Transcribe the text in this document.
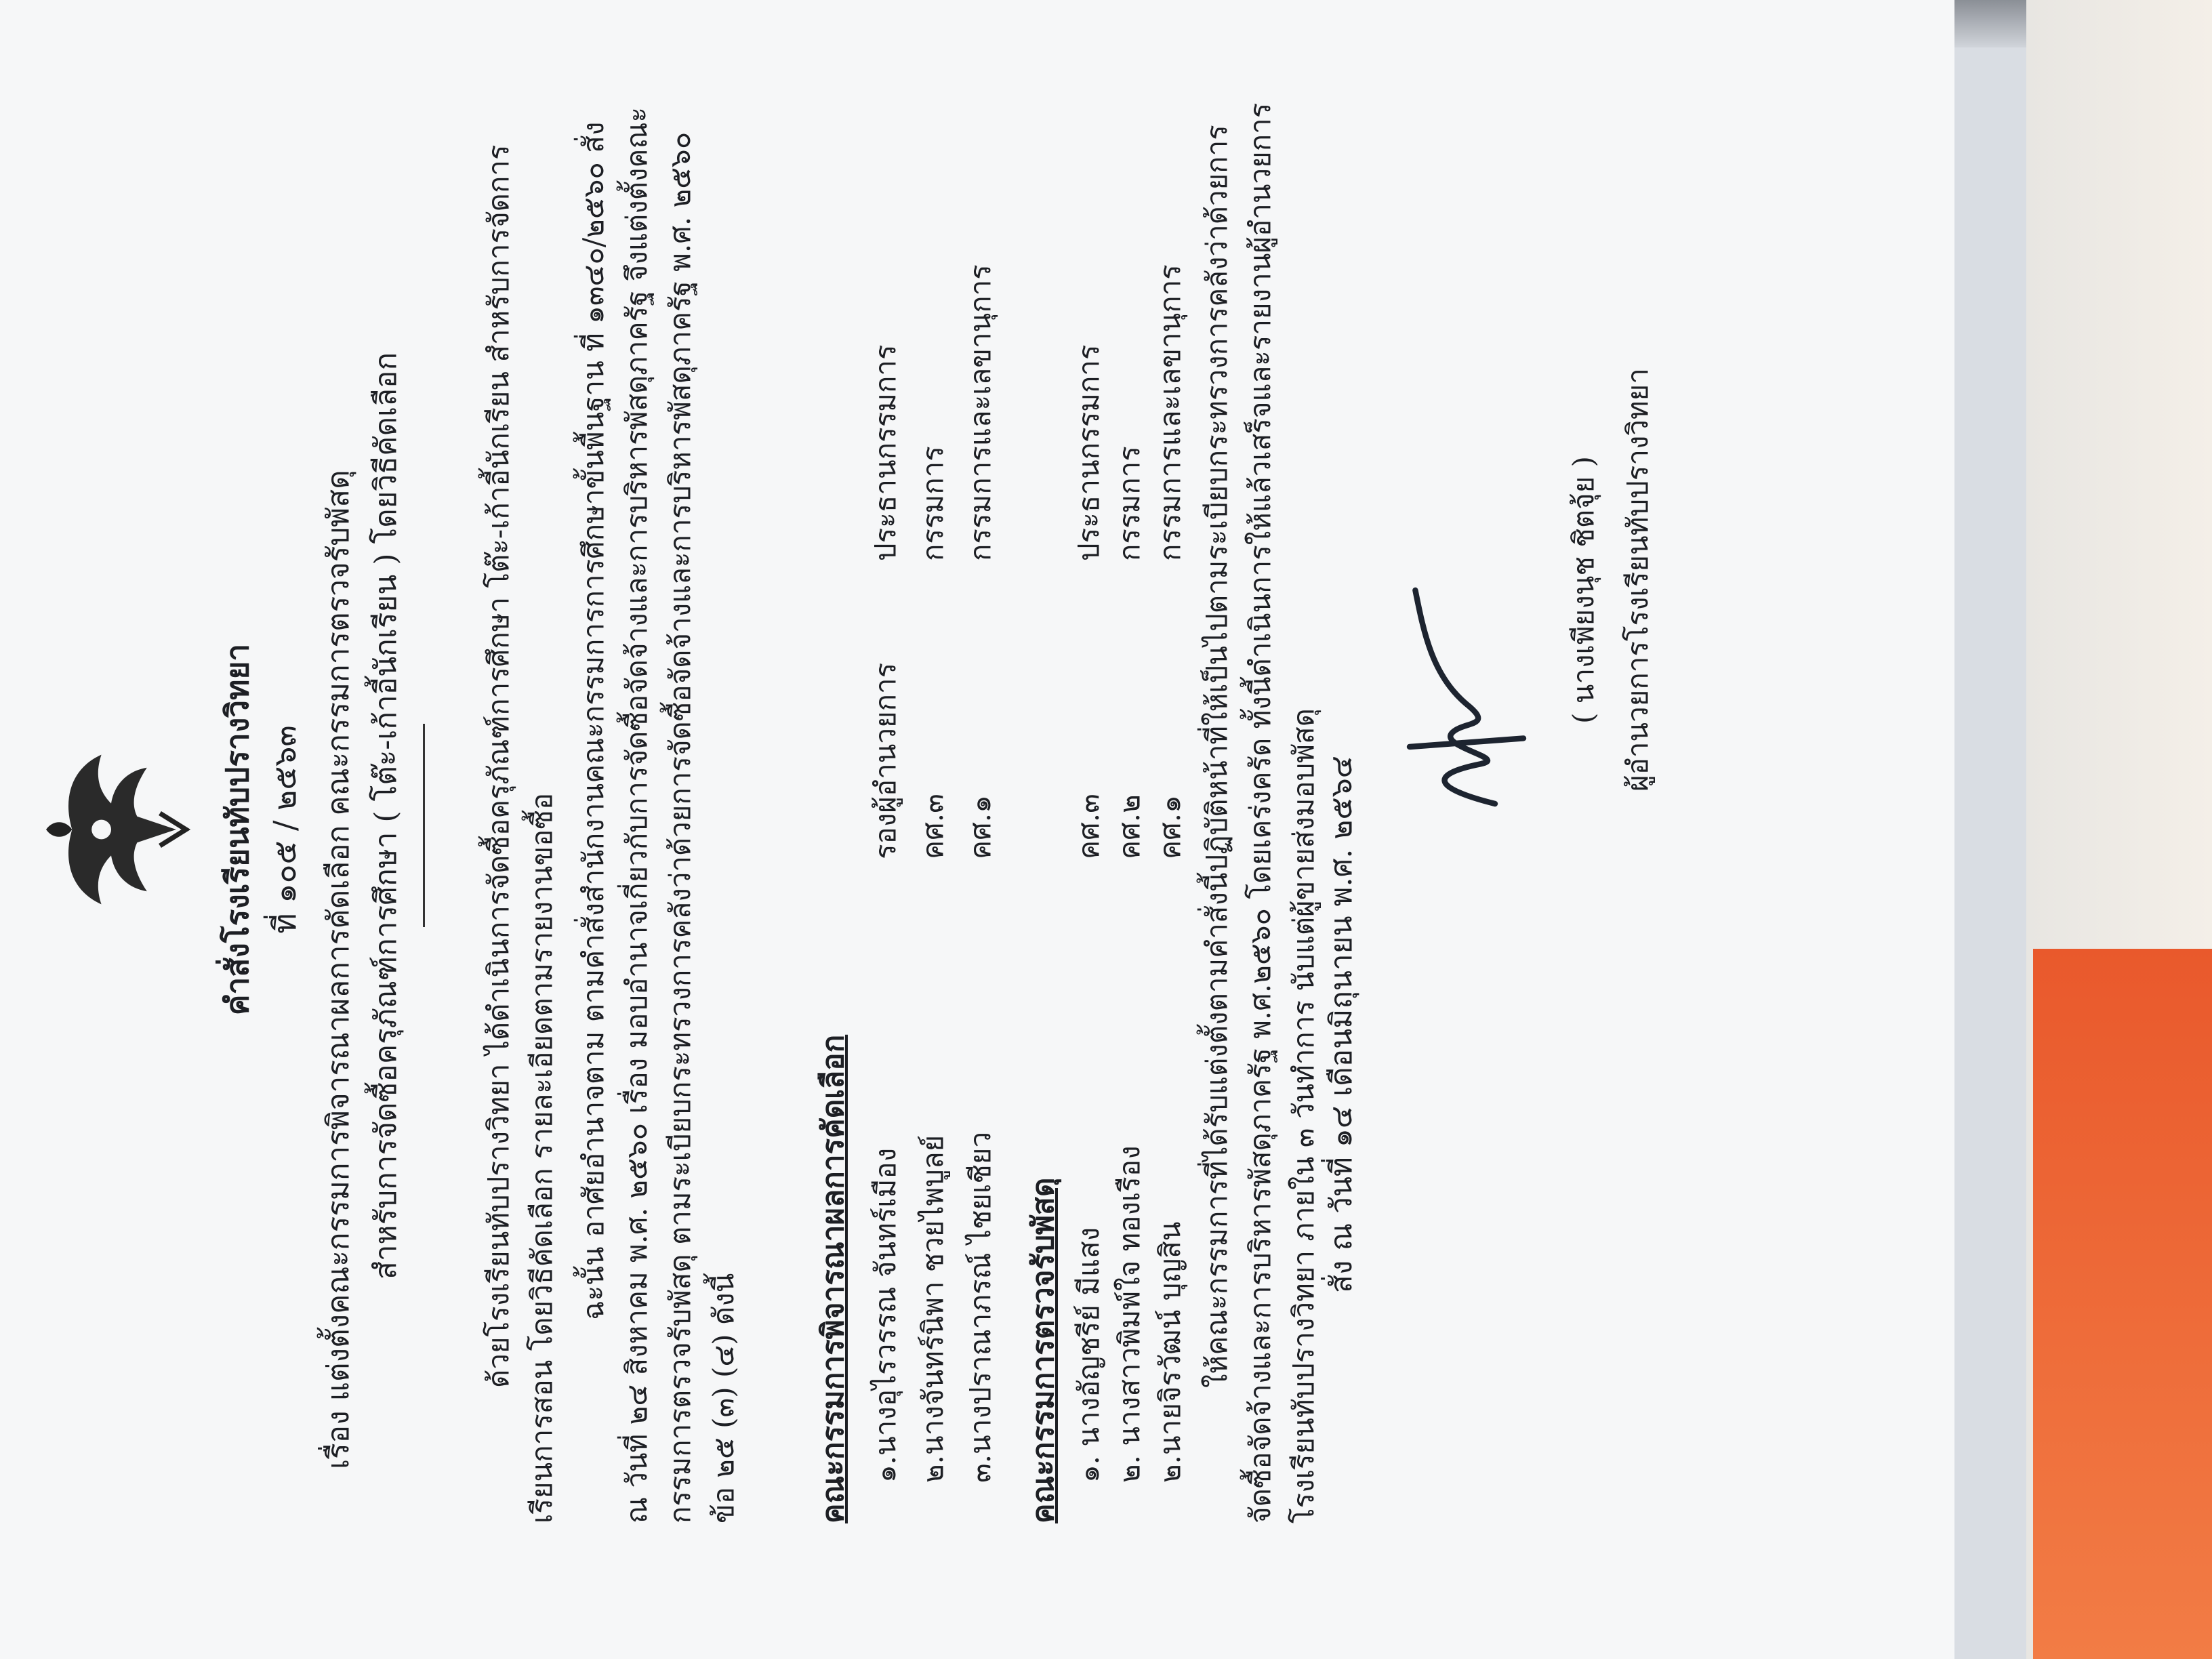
คำสั่งโรงเรียนทับปรางวิทยา ที่ ๑๐๕ / ๒๕๖๓ เรื่อง แต่งตั้งคณะกรรมการพิจารณาผลการคัดเลือก คณะกรรมการตรวจรับพัสดุ สำหรับการจัดซื้อครุภัณฑ์การศึกษา ( โต๊ะ-เก้าอี้นักเรียน ) โดยวิธีคัดเลือก	ด้วยโรงเรียนทับปรางวิทยา ได้ดำเนินการจัดซื้อครุภัณฑ์การศึกษา โต๊ะ-เก้าอี้นักเรียน สำหรับการจัดการเรียนการสอน โดยวิธีคัดเลือก รายละเอียดตามรายงานขอซื้อ ฉะนั้น อาศัยอำนาจตาม ตามคำสั่งสำนักงานคณะกรรมการการศึกษาขั้นพื้นฐาน ที่ ๑๓๔๐/๒๕๖๐ สั่ง ณ วันที่ ๒๔ สิงหาคม พ.ศ. ๒๕๖๐ เรื่อง มอบอำนาจเกี่ยวกับการจัดซื้อจัดจ้างและการบริหารพัสดุภาครัฐ จึงแต่งตั้งคณะกรรมการตรวจรับพัสดุ ตามระเบียบกระทรวงการคลังว่าด้วยการจัดซื้อจัดจ้างและการบริหารพัสดุภาครัฐ พ.ศ. ๒๕๖๐ ข้อ ๒๕ (๓) (๔) ดังนี้	คณะกรรมการพิจารณาผลการคัดเลือก ๑.นางอุไรวรรณ จันทร์เมือง
รองผู้อำนวยการ
ประธานกรรมการ
๒.นางจันทร์นิพา ชวยไพบูลย์
คศ.๓
กรรมการ
๓.นางปราณาภรณ์ ไชยเชียว
คศ.๑
กรรมการและเลขานุการ
คณะกรรมการตรวจรับพัสดุ ๑. นางอัญชรีย์ มีแสง
คศ.๓
ประธานกรรมการ
๒. นางสาวพิมพ์ใจ ทองเรือง
คศ.๒
กรรมการ
๒.นายจิรวัฒน์ บุญสิน
คศ.๑
กรรมการและเลขานุการ ให้คณะกรรมการที่ได้รับแต่งตั้งตามคำสั่งนี้ปฏิบัติหน้าที่ให้เป็นไปตามระเบียบกระทรวงการคลังว่าด้วยการจัดซื้อจัดจ้างและการบริหารพัสดุภาครัฐ พ.ศ.๒๕๖๐ โดยเคร่งครัด ทั้งนี้ดำเนินการให้แล้วเสร็จและรายงานผู้อำนวยการโรงเรียนทับปรางวิทยา ภายใน ๓ วันทำการ นับแต่ผู้ขายส่งมอบพัสดุ สั่ง ณ วันที่ ๑๔ เดือนมิถุนายน พ.ศ. ๒๕๖๔
( นางเพียงนุช ชิตจุ้ย ) ผู้อำนวยการโรงเรียนทับปรางวิทยา
